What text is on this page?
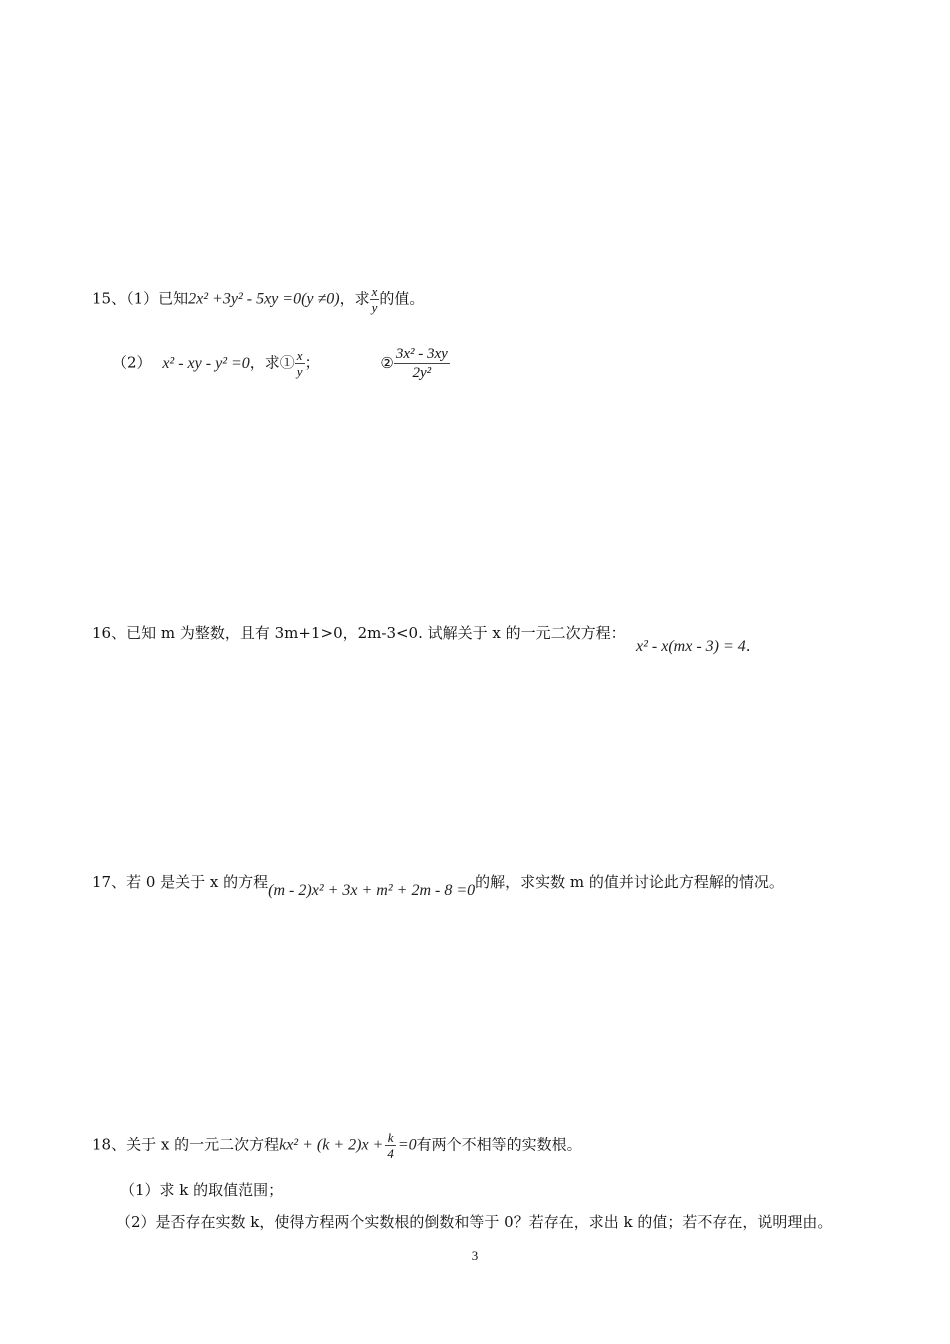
15、（1）已知2x² +3y² - 5xy =0(y ≠0)，求 $\frac{x}{y}$ 的值。
（2） x² - xy - y² =0，求① $\frac{x}{y}$ ；	② $\frac{\text{3x² - 3xy}}{\text{2y²}}$
16、已知 m 为整数，且有 3m+1>0，2m-3<0. 试解关于 x 的一元二次方程：
x² - x(mx - 3) = 4.
17、若 0 是关于 x 的方程(m - 2)x² + 3x + m² + 2m - 8 =0的解，求实数 m 的值并讨论此方程解的情况。
18、关于 x 的一元二次方程$kx^2 + (k + 2)x + \frac{k}{4} =0$有两个不相等的实数根。
（1）求 k 的取值范围；
（2）是否存在实数 k，使得方程两个实数根的倒数和等于 0？若存在，求出 k 的值；若不存在，说明理由。
3
